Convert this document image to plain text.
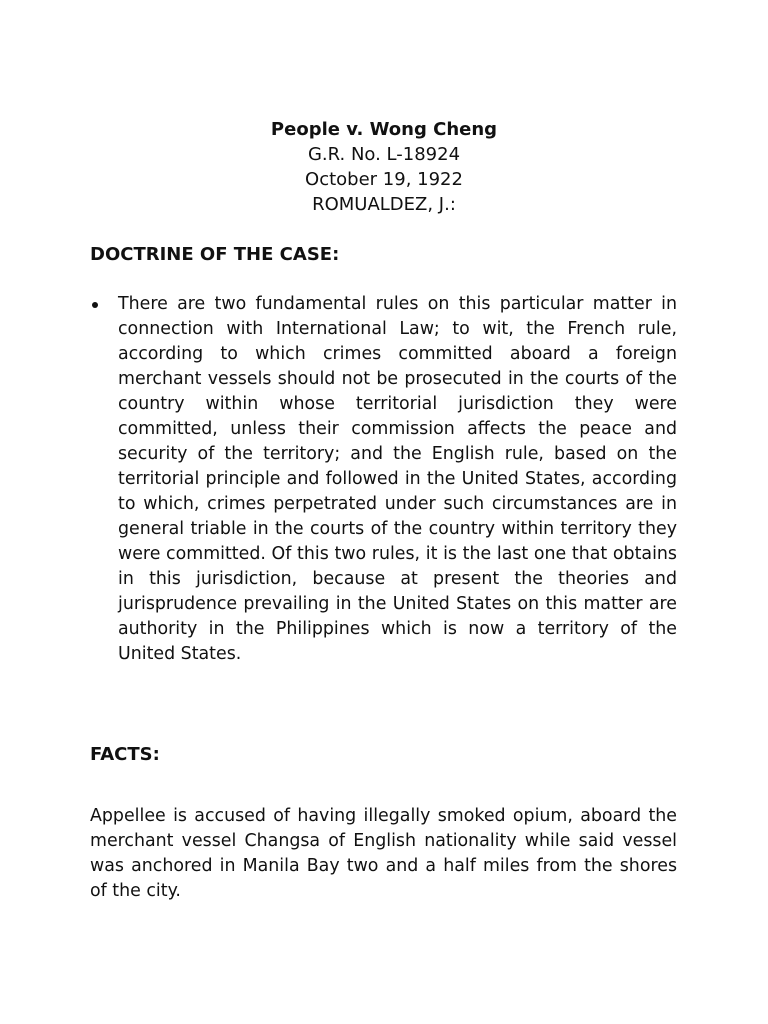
People v. Wong Cheng
G.R. No. L-18924
October 19, 1922
ROMUALDEZ, J.:
DOCTRINE OF THE CASE:
There are two fundamental rules on this particular matter in connection with International Law; to wit, the French rule, according to which crimes committed aboard a foreign merchant vessels should not be prosecuted in the courts of the country within whose territorial jurisdiction they were committed, unless their commission affects the peace and security of the territory; and the English rule, based on the territorial principle and followed in the United States, according to which, crimes perpetrated under such circumstances are in general triable in the courts of the country within territory they were committed. Of this two rules, it is the last one that obtains in this jurisdiction, because at present the theories and jurisprudence prevailing in the United States on this matter are authority in the Philippines which is now a territory of the United States.
FACTS:

Appellee is accused of having illegally smoked opium, aboard the merchant vessel Changsa of English nationality while said vessel was anchored in Manila Bay two and a half miles from the shores of the city.
